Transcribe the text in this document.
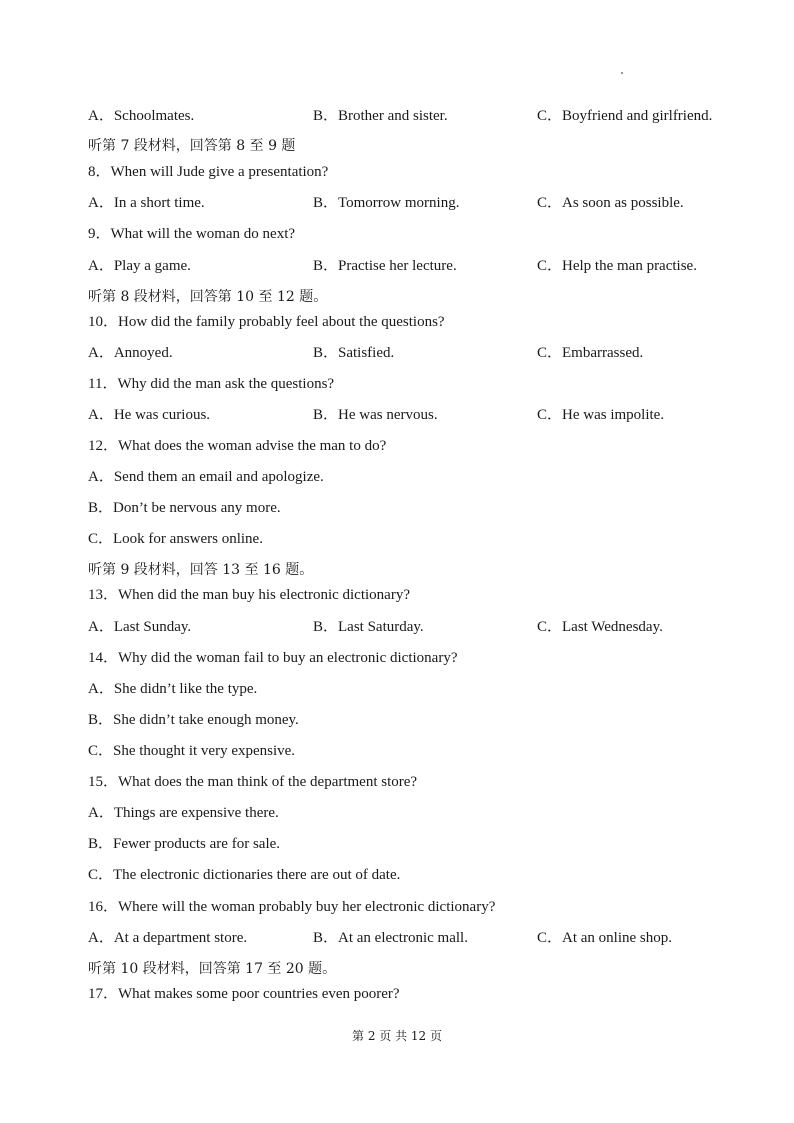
A．Schoolmates.	B．Brother and sister.	C．Boyfriend and girlfriend.
听第 7 段材料，回答第 8 至 9 题
8．When will Jude give a presentation?
A．In a short time.	B．Tomorrow morning.	C．As soon as possible.
9．What will the woman do next?
A．Play a game.	B．Practise her lecture.	C．Help the man practise.
听第 8 段材料，回答第 10 至 12 题。
10．How did the family probably feel about the questions?
A．Annoyed.	B．Satisfied.	C．Embarrassed.
11．Why did the man ask the questions?
A．He was curious.	B．He was nervous.	C．He was impolite.
12．What does the woman advise the man to do?
A．Send them an email and apologize.
B．Don’t be nervous any more.
C．Look for answers online.
听第 9 段材料，回答 13 至 16 题。
13．When did the man buy his electronic dictionary?
A．Last Sunday.	B．Last Saturday.	C．Last Wednesday.
14．Why did the woman fail to buy an electronic dictionary?
A．She didn’t like the type.
B．She didn’t take enough money.
C．She thought it very expensive.
15．What does the man think of the department store?
A．Things are expensive there.
B．Fewer products are for sale.
C．The electronic dictionaries there are out of date.
16．Where will the woman probably buy her electronic dictionary?
A．At a department store.	B．At an electronic mall.	C．At an online shop.
听第 10 段材料，回答第 17 至 20 题。
17．What makes some poor countries even poorer?
第 2 页 共 12 页
